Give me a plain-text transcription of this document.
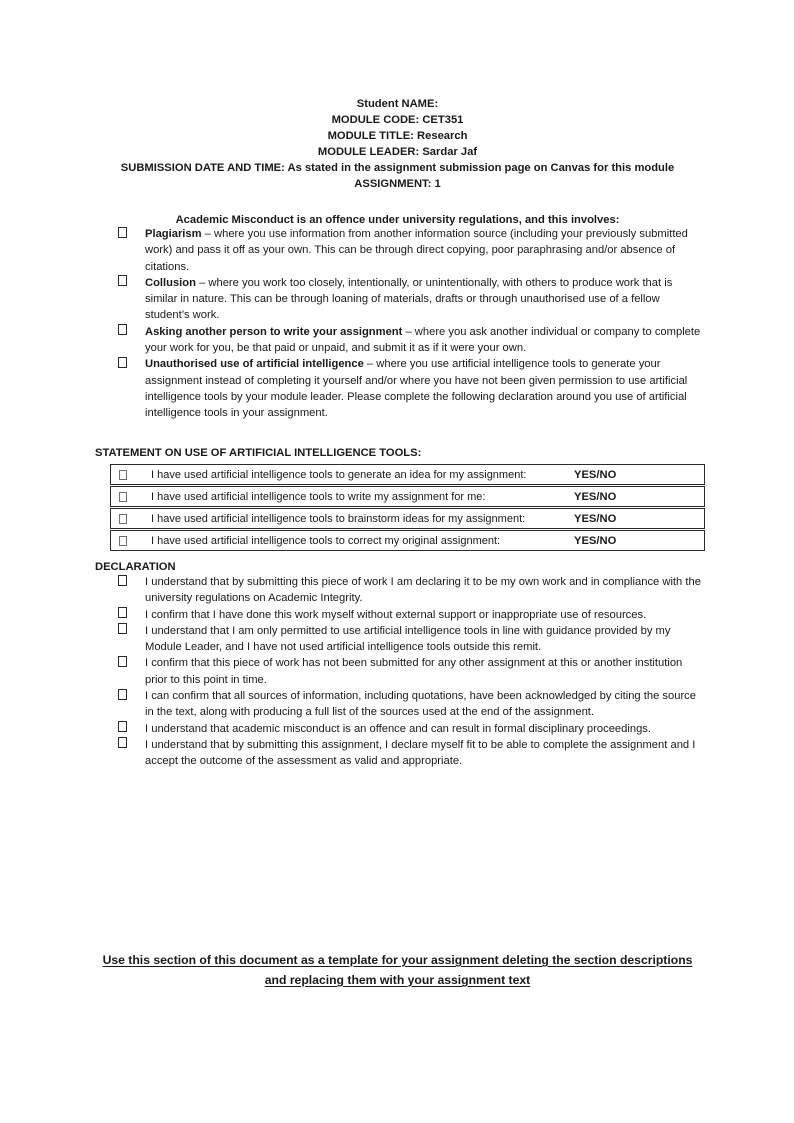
Student NAME:
MODULE CODE: CET351
MODULE TITLE: Research
MODULE LEADER: Sardar Jaf
SUBMISSION DATE AND TIME: As stated in the assignment submission page on Canvas for this module
ASSIGNMENT: 1
Academic Misconduct is an offence under university regulations, and this involves:
Plagiarism – where you use information from another information source (including your previously submitted work) and pass it off as your own. This can be through direct copying, poor paraphrasing and/or absence of citations.
Collusion – where you work too closely, intentionally, or unintentionally, with others to produce work that is similar in nature. This can be through loaning of materials, drafts or through unauthorised use of a fellow student’s work.
Asking another person to write your assignment – where you ask another individual or company to complete your work for you, be that paid or unpaid, and submit it as if it were your own.
Unauthorised use of artificial intelligence – where you use artificial intelligence tools to generate your assignment instead of completing it yourself and/or where you have not been given permission to use artificial intelligence tools by your module leader. Please complete the following declaration around you use of artificial intelligence tools in your assignment.
STATEMENT ON USE OF ARTIFICIAL INTELLIGENCE TOOLS:
I have used artificial intelligence tools to generate an idea for my assignment:	YES/NO

I have used artificial intelligence tools to write my assignment for me:	YES/NO

I have used artificial intelligence tools to brainstorm ideas for my assignment:	YES/NO

I have used artificial intelligence tools to correct my original assignment:	YES/NO
DECLARATION
I understand that by submitting this piece of work I am declaring it to be my own work and in compliance with the university regulations on Academic Integrity.
I confirm that I have done this work myself without external support or inappropriate use of resources.
I understand that I am only permitted to use artificial intelligence tools in line with guidance provided by my Module Leader, and I have not used artificial intelligence tools outside this remit.
I confirm that this piece of work has not been submitted for any other assignment at this or another institution prior to this point in time.
I can confirm that all sources of information, including quotations, have been acknowledged by citing the source in the text, along with producing a full list of the sources used at the end of the assignment.
I understand that academic misconduct is an offence and can result in formal disciplinary proceedings.
I understand that by submitting this assignment, I declare myself fit to be able to complete the assignment and I accept the outcome of the assessment as valid and appropriate.
Use this section of this document as a template for your assignment deleting the section descriptions and replacing them with your assignment text
